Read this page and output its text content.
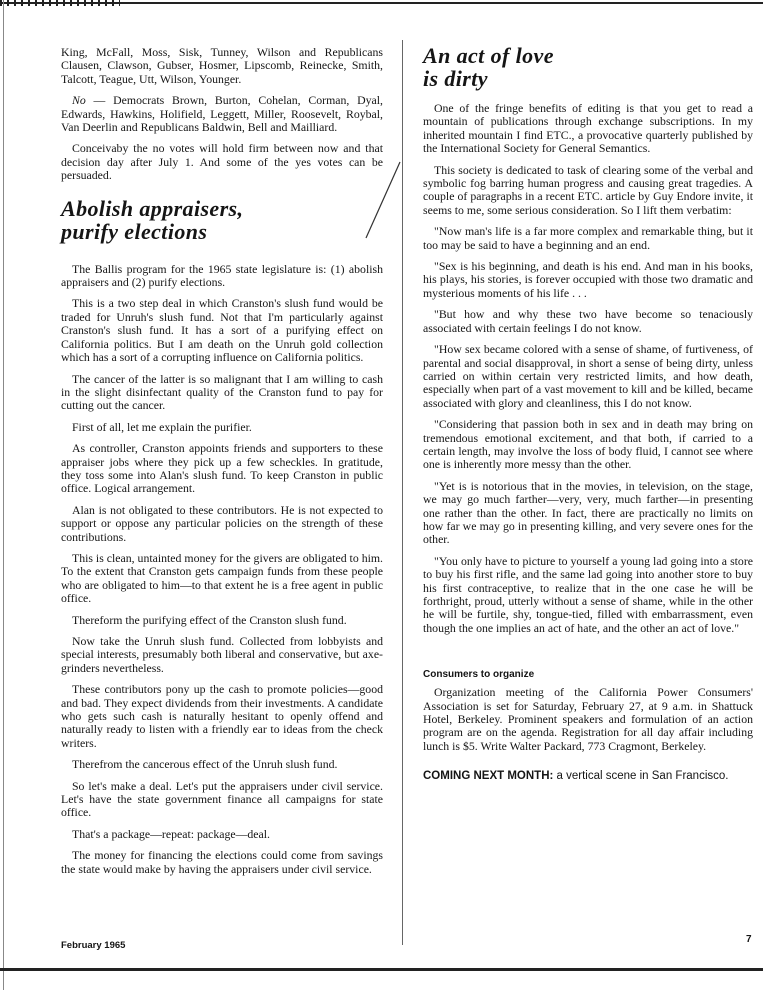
King, McFall, Moss, Sisk, Tunney, Wilson and Republicans Clausen, Clawson, Gubser, Hosmer, Lipscomb, Reinecke, Smith, Talcott, Teague, Utt, Wilson, Younger.

No — Democrats Brown, Burton, Cohelan, Corman, Dyal, Edwards, Hawkins, Holifield, Leggett, Miller, Roosevelt, Roybal, Van Deerlin and Republicans Baldwin, Bell and Mailliard.

Conceivaby the no votes will hold firm between now and that decision day after July 1. And some of the yes votes can be persuaded.

Abolish appraisers,
purify elections

The Ballis program for the 1965 state legislature is: (1) abolish appraisers and (2) purify elections.

This is a two step deal in which Cranston's slush fund would be traded for Unruh's slush fund. Not that I'm particularly against Cranston's slush fund. It has a sort of a purifying effect on California politics. But I am death on the Unruh gold collection which has a sort of a corrupting influence on California politics.

The cancer of the latter is so malignant that I am willing to cash in the slight disinfectant quality of the Cranston fund to pay for cutting out the cancer.

First of all, let me explain the purifier.

As controller, Cranston appoints friends and supporters to these appraiser jobs where they pick up a few scheckles. In gratitude, they toss some into Alan's slush fund. To keep Cranston in public office. Logical arrangement.

Alan is not obligated to these contributors. He is not expected to support or oppose any particular policies on the strength of these contributions.

This is clean, untainted money for the givers are obligated to him. To the extent that Cranston gets campaign funds from these people who are obligated to him—to that extent he is a free agent in public office.

Thereform the purifying effect of the Cranston slush fund.

Now take the Unruh slush fund. Collected from lobbyists and special interests, presumably both liberal and conservative, but axe-grinders nevertheless.

These contributors pony up the cash to promote policies—good and bad. They expect dividends from their investments. A candidate who gets such cash is naturally hesitant to openly offend and naturally ready to listen with a friendly ear to ideas from the check writers.

Therefrom the cancerous effect of the Unruh slush fund.

So let's make a deal. Let's put the appraisers under civil service. Let's have the state government finance all campaigns for state office.

That's a package—repeat: package—deal.

The money for financing the elections could come from savings the state would make by having the appraisers under civil service.

An act of love
is dirty

One of the fringe benefits of editing is that you get to read a mountain of publications through exchange subscriptions. In my inherited mountain I find ETC., a provocative quarterly published by the International Society for General Semantics.

This society is dedicated to task of clearing some of the verbal and symbolic fog barring human progress and causing great tragedies. A couple of paragraphs in a recent ETC. article by Guy Endore invite, it seems to me, some serious consideration. So I lift them verbatim:

"Now man's life is a far more complex and remarkable thing, but it too may be said to have a beginning and an end.

"Sex is his beginning, and death is his end. And man in his books, his plays, his stories, is forever occupied with those two dramatic and mysterious moments of his life . . .

"But how and why these two have become so tenaciously associated with certain feelings I do not know.

"How sex became colored with a sense of shame, of furtiveness, of parental and social disapproval, in short a sense of being dirty, unless carried on within certain very restricted limits, and how death, especially when part of a vast movement to kill and be killed, became associated with glory and cleanliness, this I do not know.

"Considering that passion both in sex and in death may bring on tremendous emotional excitement, and that both, if carried to a certain length, may involve the loss of body fluid, I cannot see where one is inherently more messy than the other.

"Yet is is notorious that in the movies, in television, on the stage, we may go much farther—very, very, much farther—in presenting one rather than the other. In fact, there are practically no limits on how far we may go in presenting killing, and very severe ones for the other.

"You only have to picture to yourself a young lad going into a store to buy his first rifle, and the same lad going into another store to buy his first contraceptive, to realize that in the one case he will be forthright, proud, utterly without a sense of shame, while in the other he will be furtile, shy, tongue-tied, filled with embarrassment, even though the one implies an act of hate, and the other an act of love."

Consumers to organize

Organization meeting of the California Power Consumers' Association is set for Saturday, February 27, at 9 a.m. in Shattuck Hotel, Berkeley. Prominent speakers and formulation of an action program are on the agenda. Registration for all day affair including lunch is $5. Write Walter Packard, 773 Cragmont, Berkeley.

COMING NEXT MONTH: a vertical scene in San Francisco.

February 1965
7
